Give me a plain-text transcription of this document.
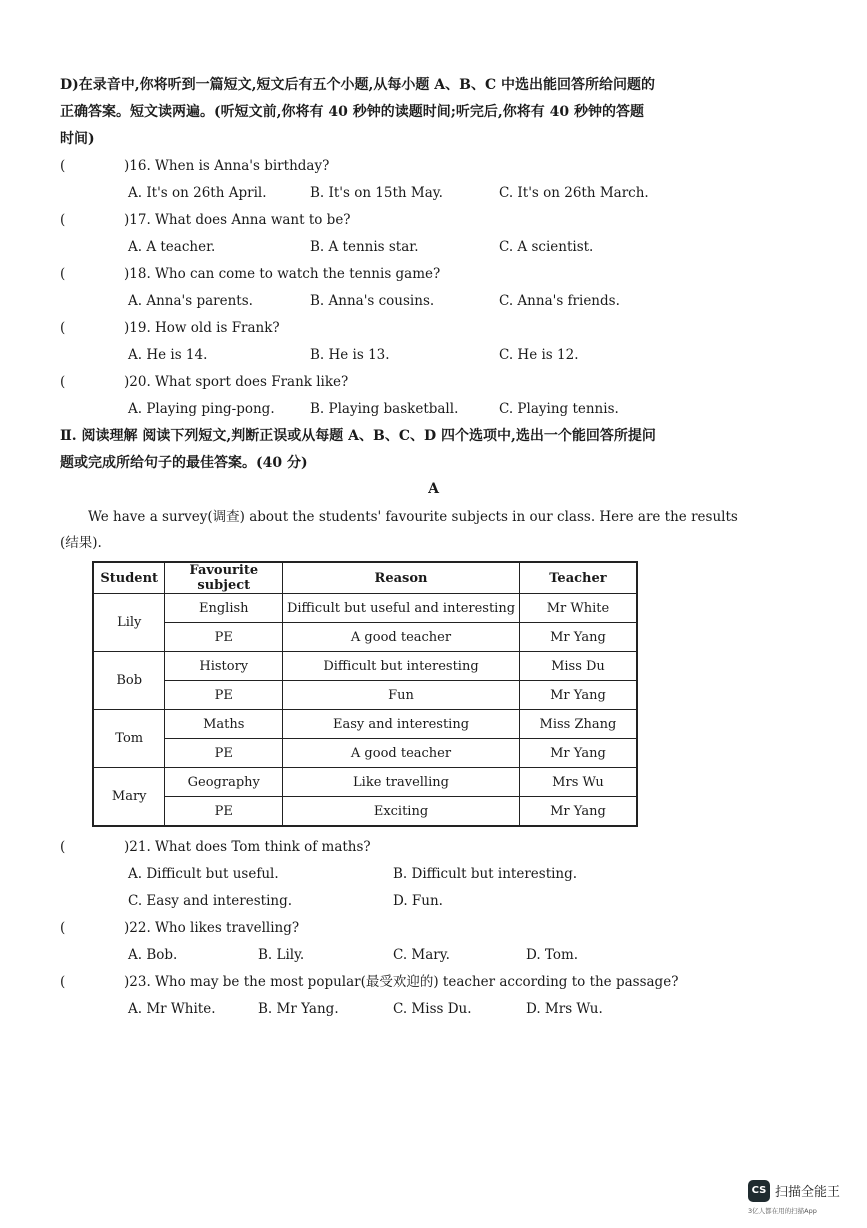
D)在录音中,你将听到一篇短文,短文后有五个小题,从每小题 A、B、C 中选出能回答所给问题的
正确答案。短文读两遍。(听短文前,你将有 40 秒钟的读题时间;听完后,你将有 40 秒钟的答题
时间)
(	)16. When is Anna's birthday?
A. It's on 26th April.	B. It's on 15th May.	C. It's on 26th March.
(	)17. What does Anna want to be?
A. A teacher.	B. A tennis star.	C. A scientist.
(	)18. Who can come to watch the tennis game?
A. Anna's parents.	B. Anna's cousins.	C. Anna's friends.
(	)19. How old is Frank?
A. He is 14.	B. He is 13.	C. He is 12.
(	)20. What sport does Frank like?
A. Playing ping-pong.	B. Playing basketball.	C. Playing tennis.
Ⅱ. 阅读理解 阅读下列短文,判断正误或从每题 A、B、C、D 四个选项中,选出一个能回答所提问
题或完成所给句子的最佳答案。(40 分)
A
We have a survey(调查) about the students' favourite subjects in our class. Here are the results
(结果).
Student	Favourite subject	Reason	Teacher
Lily	English	Difficult but useful and interesting	Mr White
	PE	A good teacher	Mr Yang
Bob	History	Difficult but interesting	Miss Du
	PE	Fun	Mr Yang
Tom	Maths	Easy and interesting	Miss Zhang
	PE	A good teacher	Mr Yang
Mary	Geography	Like travelling	Mrs Wu
	PE	Exciting	Mr Yang
(	)21. What does Tom think of maths?
A. Difficult but useful.	B. Difficult but interesting.
C. Easy and interesting.	D. Fun.
(	)22. Who likes travelling?
A. Bob.	B. Lily.	C. Mary.	D. Tom.
(	)23. Who may be the most popular(最受欢迎的) teacher according to the passage?
A. Mr White.	B. Mr Yang.	C. Miss Du.	D. Mrs Wu.
CS 扫描全能王
3亿人都在用的扫描App
